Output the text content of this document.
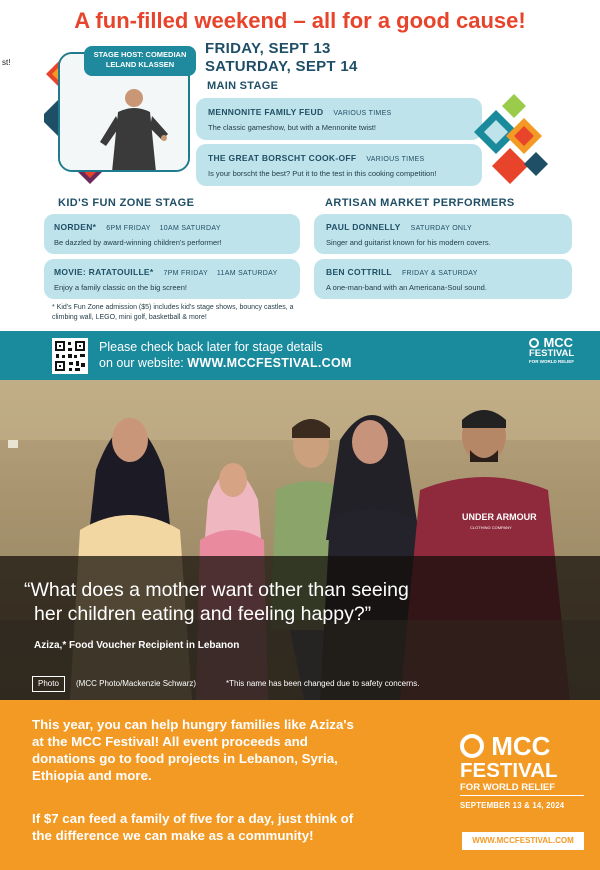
A fun-filled weekend – all for a good cause!
st!
STAGE HOST: COMEDIAN LELAND KLASSEN
FRIDAY, SEPT 13
SATURDAY, SEPT 14
MAIN STAGE
MENNONITE FAMILY FEUD VARIOUS TIMES
The classic gameshow, but with a Mennonite twist!
THE GREAT BORSCHT COOK-OFF VARIOUS TIMES
Is your borscht the best? Put it to the test in this cooking competition!
KID'S FUN ZONE STAGE
NORDEN* 6PM FRIDAY    10AM SATURDAY
Be dazzled by award-winning children's performer!
MOVIE: RATATOUILLE* 7PM FRIDAY    11AM SATURDAY
Enjoy a family classic on the big screen!
* Kid's Fun Zone admission ($5) includes kid's stage shows, bouncy castles, a climbing wall, LEGO, mini golf, basketball & more!
ARTISAN MARKET PERFORMERS
PAUL DONNELLY SATURDAY ONLY
Singer and guitarist known for his modern covers.
BEN COTTRILL FRIDAY & SATURDAY
A one-man-band with an Americana-Soul sound.
Please check back later for stage details
on our website: WWW.MCCFESTIVAL.COM
MCC
FESTIVAL
FOR WORLD RELIEF
UNDER ARMOUR
CLOTHING COMPANY
“What does a mother want other than seeing
her children eating and feeling happy?”
Aziza,* Food Voucher Recipient in Lebanon
Photo	(MCC Photo/Mackenzie Schwarz)	*This name has been changed due to safety concerns.
This year, you can help hungry families like Aziza's
at the MCC Festival! All event proceeds and
donations go to food projects in Lebanon, Syria,
Ethiopia and more.
If $7 can feed a family of five for a day, just think of
the difference we can make as a community!
MCC
FESTIVAL
FOR WORLD RELIEF
SEPTEMBER 13 & 14, 2024
WWW.MCCFESTIVAL.COM
